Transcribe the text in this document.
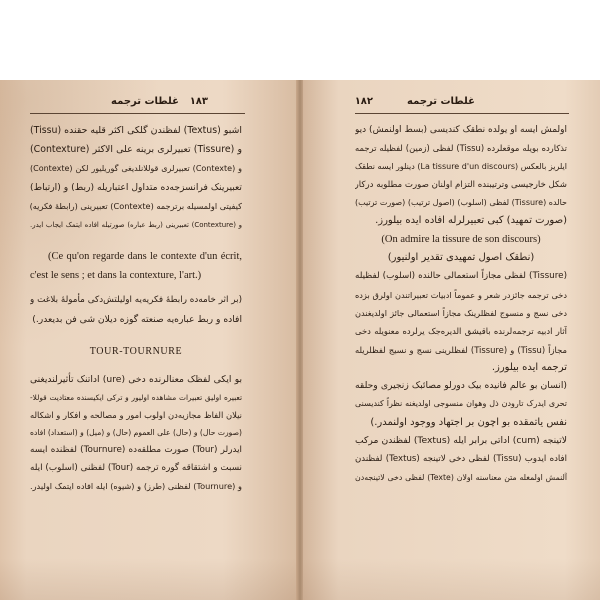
غلطات ترجمه	١٨٣
اشبو (Textus) لفظندن گلکی اکثر قلیه حقنده (Tissu)
و (Tissure) تعبیرلری برینه علی الاکثر (Contexture)
و (Contexte) تعبیرلری قوللانلدیغی گوریلیور لکن (Contexte)
تعبیرینک فرانسزجه‌ده متداول اعتباریله (ربط) و (ارتباط)
کیفیتی اولمسیله برترجمه (Contexte) تعبیرینی (رابطهٔ فکریه)
و (Contexture) تعبیرینی (ربط عباره) صورتیله افاده ایتمک ایجاب ایدر.
(Ce qu'on regarde dans le contexte d'un écrit,
c'est le sens ; et dans la contexture, l'art.)
(بر اثر خامه‌ده رابطهٔ فکریه‌یه اولیلتش‌دکی مأمولهٔ بلاغت و
افاده و ربط عباره‌یه صنعته گوزه دیلان شی فن بدیعدر.)
TOUR-TOURNURE
بو ایکی لفظک معنالرنده دخی (ure) اداتنک تأثیرلندیغنی
تعبیره اولیق تعبیرات مشاهده اولیور و ترکی ایکیسنده معتادیت قوللا-
نیلان الفاظ مجازیه‌دن اولوب امور و مصالحه و افکار و اشکاله
(صورت حال) و (حال) علی العموم (حال) و (میل) و (استعداد) افاده
ایدرلر (Tour) صورت مطلقه‌ده (Tournure) لفظنده ایسه
نسبت و اشتقاقه گوره ترجمه (Tour) لفظنی (اسلوب) ایله
و (Tournure) لفظنی (طرز) و (شیوه) ایله افاده ایتمک اولیدر.
١٨٢	غلطات ترجمه
اولمش ایسه او یولده نطقک کندیسی (بسط اولنمش) دیو
تذکارده بویله موقعلرده (Tissu) لفظی (زمین) لفظیله ترجمه
ایلریز بالعکس (La tissure d'un discours) دینلور ایسه نطقک
شکل خارجیسی وترتیبنده التزام اولنان صورت مطلوبه درکار
حالده (Tissure) لفظی (اسلوب) (اصول ترتیب) (صورت ترتیب)
(صورت تمهید) کبی تعبیرلرله افاده ایده بیلورز.
(On admire la tissure de son discours)
(نطقک اصول تمهیدی تقدیر اولنیور)
(Tissure) لفظی مجازاً استعمالی حالنده (اسلوب) لفظیله
دخی ترجمه جائزدر شعر و عموماً ادبیات تعبیراتندن اولرق بزده
دخی نسج و منسوج لفظلرینک مجازاً استعمالی جائز اولدیغندن
آثار ادبیه ترجمه‌لرنده باقیشق الدیره‌جک یرلرده معنویله دخی
مجازاً (Tissu) و (Tissure) لفظلرینی نسج و نسیج لفظلریله
ترجمه ایده بیلورز.
(انسان بو عالم فانیده بیک دورلو مصائبک زنجیری وحلقه
تحری ایدرک تارودن ذل وهوان منسوجی اولدیغنه نظراً کندیسنی
نفس یاتمقده بو اچون بر اجتهاد ووجود اولنمدر.)
لاتینجه (cum) اداتی برابر ایله (Textus) لفظندن مرکب
افاده ایدوب (Tissu) لفظی دخی لاتینجه (Textus) لفظندن
آلنمش اولمغله متن معناسنه اولان (Texte) لفظی دخی لاتینجه‌دن
